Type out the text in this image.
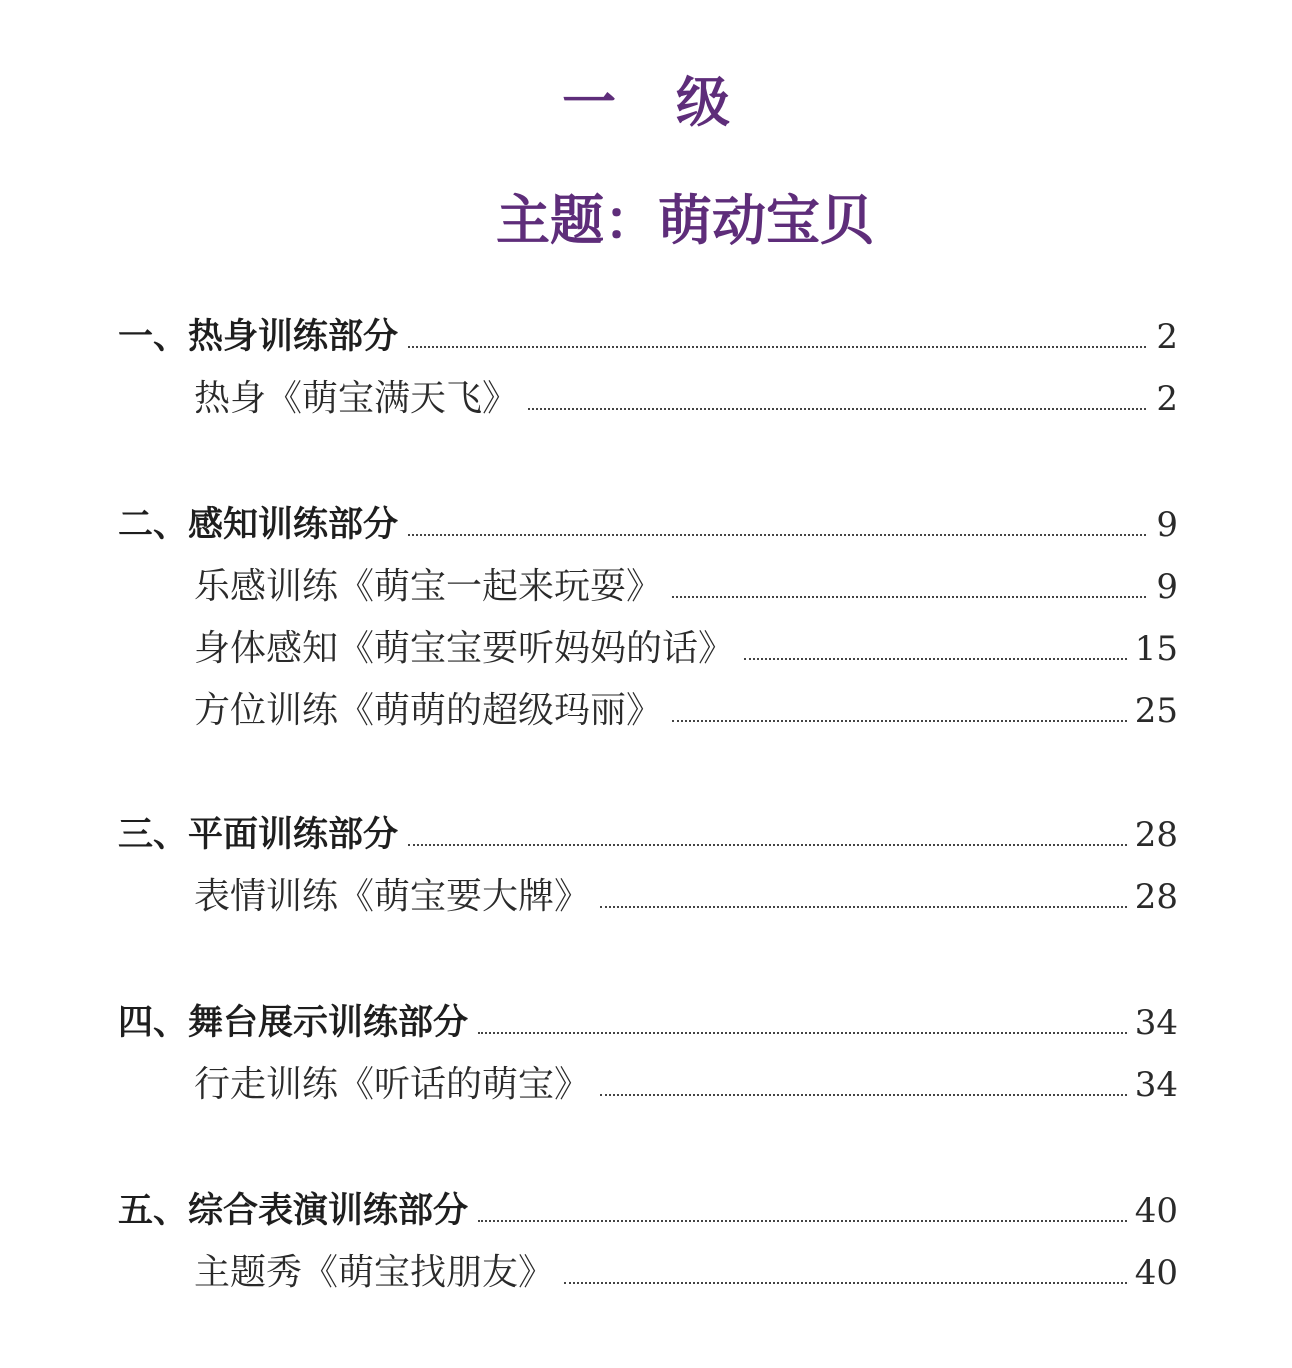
一 级
主题：萌动宝贝
一、热身训练部分	2
热身《萌宝满天飞》	2
二、感知训练部分	9
乐感训练《萌宝一起来玩耍》	9
身体感知《萌宝宝要听妈妈的话》	15
方位训练《萌萌的超级玛丽》	25
三、平面训练部分	28
表情训练《萌宝要大牌》	28
四、舞台展示训练部分	34
行走训练《听话的萌宝》	34
五、综合表演训练部分	40
主题秀《萌宝找朋友》	40
